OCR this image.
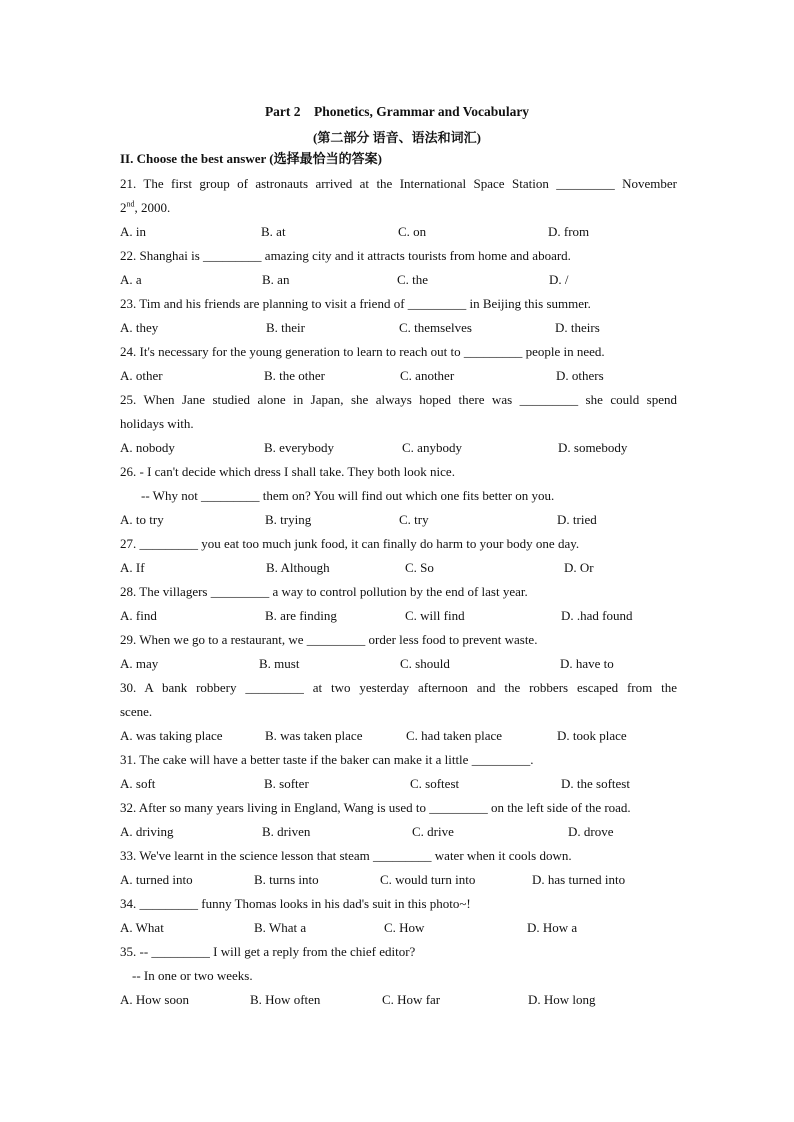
Part 2    Phonetics, Grammar and Vocabulary
(第二部分 语音、语法和词汇)
II. Choose the best answer (选择最恰当的答案)
21. The first group of astronauts arrived at the International Space Station _________ November
2nd, 2000.
A. in	B. at	C. on	D. from
22. Shanghai is _________ amazing city and it attracts tourists from home and aboard.
A. a	B. an	C. the	D. /
23. Tim and his friends are planning to visit a friend of _________ in Beijing this summer.
A. they	B. their	C. themselves	D. theirs
24. It's necessary for the young generation to learn to reach out to _________ people in need.
A. other	B. the other	C. another	D. others
25. When Jane studied alone in Japan, she always hoped there was _________ she could spend
holidays with.
A. nobody	B. everybody	C. anybody	D. somebody
26. - I can't decide which dress I shall take. They both look nice.
-- Why not _________ them on? You will find out which one fits better on you.
A. to try	B. trying	C. try	D. tried
27. _________ you eat too much junk food, it can finally do harm to your body one day.
A. If	B. Although	C. So	D. Or
28. The villagers _________ a way to control pollution by the end of last year.
A. find	B. are finding	C. will find	D. .had found
29. When we go to a restaurant, we _________ order less food to prevent waste.
A. may	B. must	C. should	D. have to
30. A bank robbery _________ at two yesterday afternoon and the robbers escaped from the
scene.
A. was taking place	B. was taken place	C. had taken place	D. took place
31. The cake will have a better taste if the baker can make it a little _________.
A. soft	B. softer	C. softest	D. the softest
32. After so many years living in England, Wang is used to _________ on the left side of the road.
A. driving	B. driven	C. drive	D. drove
33. We've learnt in the science lesson that steam _________ water when it cools down.
A. turned into	B. turns into	C. would turn into	D. has turned into
34. _________ funny Thomas looks in his dad's suit in this photo~!
A. What	B. What a	C. How	D. How a
35. -- _________ I will get a reply from the chief editor?
-- In one or two weeks.
A. How soon	B. How often	C. How far	D. How long
